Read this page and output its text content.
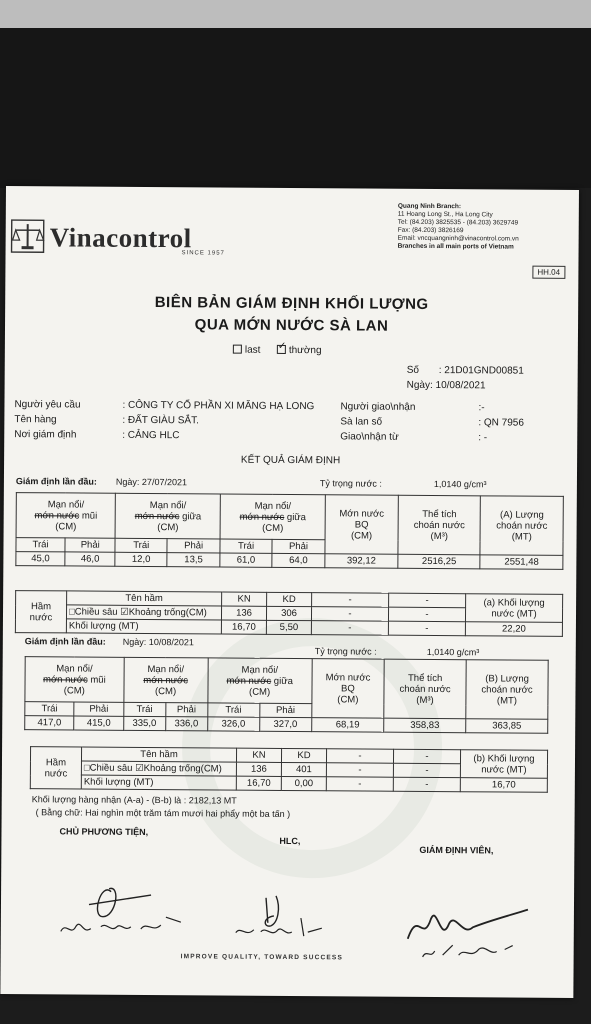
Vinacontrol
SINCE 1957
Quang Ninh Branch:
11 Hoang Long St., Ha Long City
Tel: (84.203) 3825535 - (84.203) 3629749
Fax: (84.203) 3826169
Email: vncquangninh@vinacontrol.com.vn
Branches in all main ports of Vietnam
HH.04
BIÊN BẢN GIÁM ĐỊNH KHỐI LƯỢNG
QUA MỚN NƯỚC SÀ LAN
last ✓ thường
Số : 21D01GND00851
Ngày: 10/08/2021
Người yêu cầu	: CÔNG TY CỔ PHẦN XI MĂNG HẠ LONG
Tên hàng	: ĐẤT GIÀU SẮT.
Nơi giám định	: CẢNG HLC
Người giao\nhận	:-
Sà lan số	: QN 7956
Giao\nhận từ	: -
KẾT QUẢ GIÁM ĐỊNH
Giám định lần đầu: Ngày: 27/07/2021	Tỷ trọng nước :	1,0140 g/cm³
Mạn nổi/
mớn nước mũi
(CM)		Mạn nổi/
mớn nước giữa
(CM)		Mạn nổi/
mớn nước giữa
(CM)		Mớn nước
BQ
(CM)	Thể tích
choán nước
(M³)	(A) Lượng
choán nước
(MT)
Trái	Phải	Trái	Phải	Trái	Phải			
45,0	46,0	12,0	13,5	61,0	64,0	392,12	2516,25	2551,48
Hầm
nước	Tên hầm	KN	KD	-	-	(a) Khối lượng
nước (MT)
	□Chiều sâu ☑Khoảng trống(CM)	136	306	-	-	
	Khối lượng (MT)	16,70	5,50	-	-	22,20
Giám định lần đầu: Ngày: 10/08/2021
Tỷ trọng nước :	1,0140 g/cm³
Mạn nổi/
mớn nước mũi
(CM)		Mạn nổi/
mớn nước
(CM)		Mạn nổi/
mớn nước giữa
(CM)		Mớn nước
BQ
(CM)	Thể tích
choán nước
(M³)	(B) Lượng
choán nước
(MT)
Trái	Phải	Trái	Phải	Trái	Phải			
417,0	415,0	335,0	336,0	326,0	327,0	68,19	358,83	363,85
Hầm
nước	Tên hầm	KN	KD	-	-	(b) Khối lượng
nước (MT)
	□Chiều sâu ☑Khoảng trống(CM)	136	401	-	-	
	Khối lượng (MT)	16,70	0,00	-	-	16,70
Khối lượng hàng nhận (A-a) - (B-b) là : 2182,13 MT
( Bằng chữ: Hai nghìn một trăm tám mươi hai phẩy một ba tấn )
CHỦ PHƯƠNG TIỆN,
HLC,
GIÁM ĐỊNH VIÊN,
IMPROVE QUALITY, TOWARD SUCCESS
